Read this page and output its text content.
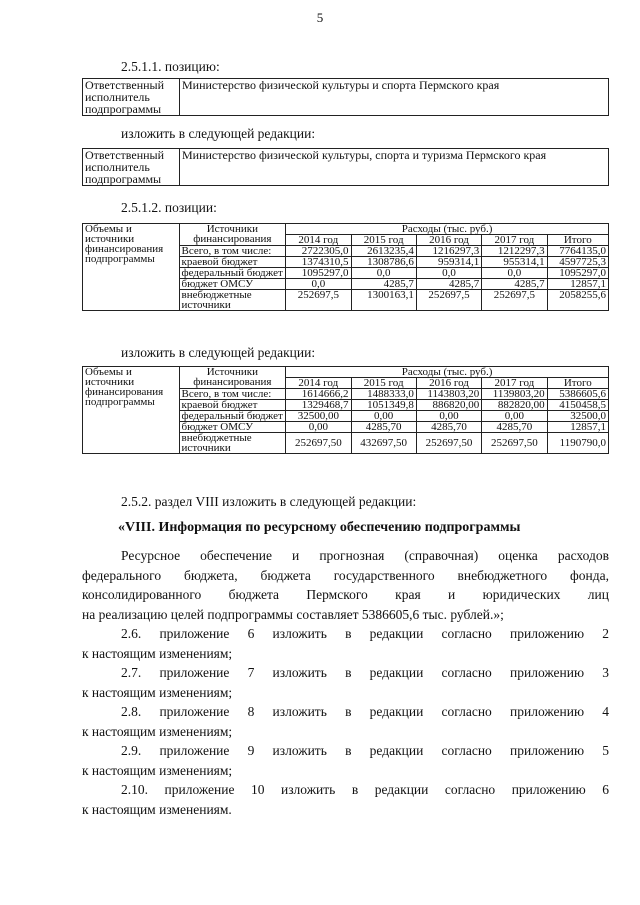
5
2.5.1.1. позицию:
Ответственный исполнитель подпрограммы	Министерство физической культуры и спорта Пермского края
изложить в следующей редакции:
Ответственный исполнитель подпрограммы	Министерство физической культуры, спорта и туризма Пермского края
2.5.1.2. позиции:
Объемы и источники финансирования подпрограммы	Источники финансирования	Расходы (тыс. руб.)				
		2014 год	2015 год	2016 год	2017 год	Итого
	Всего, в том числе:	2722305,0	2613235,4	1216297,3	1212297,3	7764135,0
	краевой бюджет	1374310,5	1308786,6	959314,1	955314,1	4597725,3
	федеральный бюджет	1095297,0	0,0	0,0	0,0	1095297,0
	бюджет ОМСУ	0,0	4285,7	4285,7	4285,7	12857,1
	внебюджетные источники	252697,5	1300163,1	252697,5	252697,5	2058255,6
изложить в следующей редакции:
Объемы и источники финансирования подпрограммы	Источники финансирования	Расходы (тыс. руб.)				
		2014 год	2015 год	2016 год	2017 год	Итого
	Всего, в том числе:	1614666,2	1488333,0	1143803,20	1139803,20	5386605,6
	краевой бюджет	1329468,7	1051349,8	886820,00	882820,00	4150458,5
	федеральный бюджет	32500,00	0,00	0,00	0,00	32500,0
	бюджет ОМСУ	0,00	4285,70	4285,70	4285,70	12857,1
	внебюджетные источники	252697,50	432697,50	252697,50	252697,50	1190790,0
2.5.2. раздел VIII изложить в следующей редакции:
«VIII. Информация по ресурсному обеспечению подпрограммы
Ресурсное обеспечение и прогнозная (справочная) оценка расходов
федерального бюджета, бюджета государственного внебюджетного фонда,
консолидированного бюджета Пермского края и юридических лиц
на реализацию целей подпрограммы составляет 5386605,6 тыс. рублей.»;
2.6. приложение 6 изложить в редакции согласно приложению 2
к настоящим изменениям;
2.7. приложение 7 изложить в редакции согласно приложению 3
к настоящим изменениям;
2.8. приложение 8 изложить в редакции согласно приложению 4
к настоящим изменениям;
2.9. приложение 9 изложить в редакции согласно приложению 5
к настоящим изменениям;
2.10. приложение 10 изложить в редакции согласно приложению 6
к настоящим изменениям.
